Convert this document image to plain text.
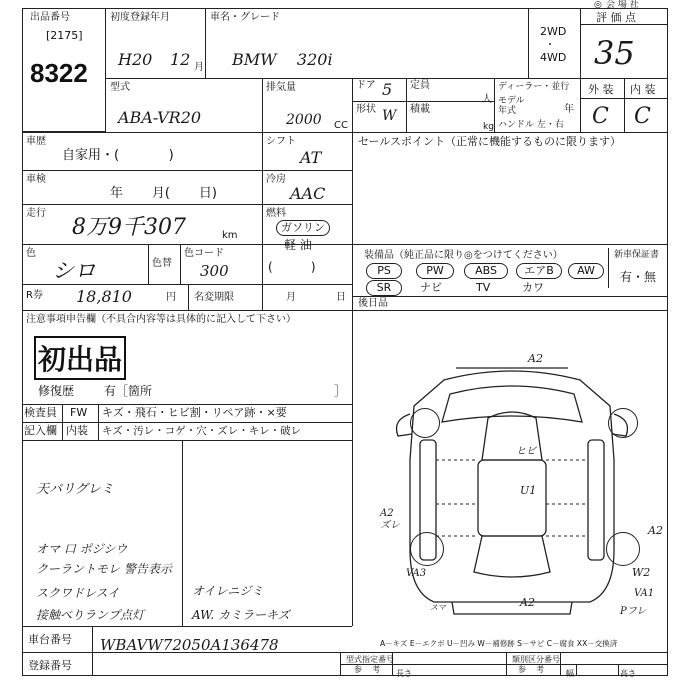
◎ 会 場 社
出品番号
[2175]
8322
初度登録年月
H20 12 月
車名・グレード
BMW    320i
2WD
・
4WD
評 価 点
35
型式
ABA-VR20
排気量
2000 CC
ドア 5
形状 W
定員
人
積載
kg
ディーラー・並行
モデル
年式	年
ハンドル 左・右
外 装 内 装
C C
車歴
自家用・(            )
シフト
AT
セールスポイント（正常に機能するものに限ります）
車検
年       月(       日)
冷房
AAC
走行
8万9千307	km
燃料
ガソリン
軽 油
(          )
色
シロ	色替
色コード
300
装備品（純正品に限り◎をつけてください）	新車保証書
有・無
PS	PW	ABS	エアB	AW
SR	ナビ	TV	カワ
R券 18,810	円 名変期限	月	日
後日品
注意事項申告欄（不具合内容等は具体的に記入して下さい）
初出品
修復歴 有［箇所	］
検査員
記入欄
FW キズ・飛石・ヒビ割・リペア跡・×要
内装 キズ・汚レ・コゲ・穴・ズレ・キレ・破レ
天バリグレミ
オマ 口 ポジシウ
クーラントモレ 警告表示
スクワドレスイ
接触べりランプ点灯
オイレニジミ
AW. カミラーキズ
A2
ヒビ
U1
A2
ズレ
VA3
スマ	A2
A2
W2
VA1
Pフレ
A－キズ E－エクボ U－凹み W－補修跡 S－サビ C－腐食 XX－交換済
車台番号 WBAVW72050A136478
登録番号	型式指定番号
参    考
類別区分番号
参    考
長さ	幅	高さ
